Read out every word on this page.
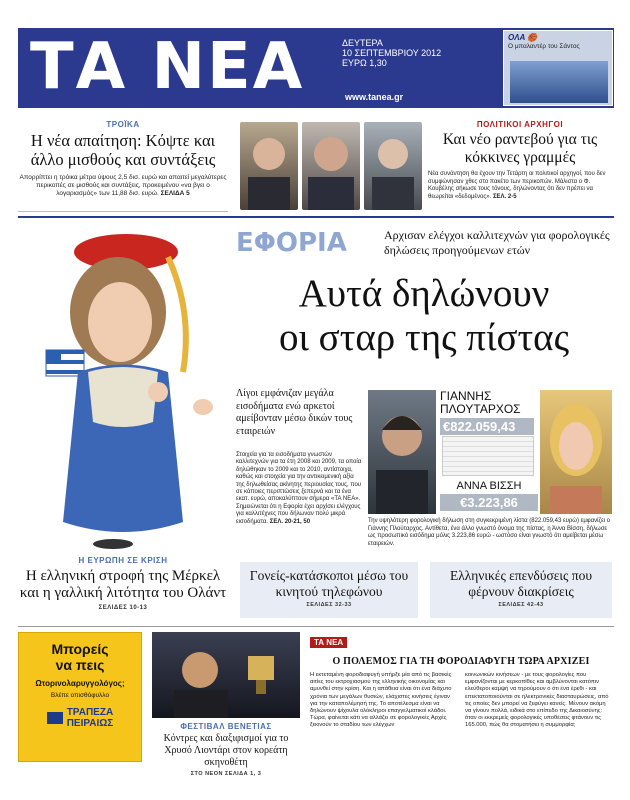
ΤΑ ΝΕΑ	ΔΕΥΤΕΡΑ
10 ΣΕΠΤΕΜΒΡΙΟΥ 2012
ΕΥΡΩ 1,30
www.tanea.gr
ΟΛΑ 🏀
Ο μπαλαντέρ του Σάντος
ΤΡΟΪΚΑ
Η νέα απαίτηση: Κόψτε και άλλο μισθούς και συντάξεις
Απορρίπτει η τρόικα μέτρα ύψους 2,5 δισ. ευρώ και απαιτεί μεγαλύτερες περικοπές σε μισθούς και συντάξεις, προκειμένου «να βγει ο λογαριασμός» των 11,88 δισ. ευρώ. ΣΕΛΙΔΑ 5
ΠΟΛΙΤΙΚΟΙ ΑΡΧΗΓΟΙ
Και νέο ραντεβού για τις κόκκινες γραμμές
Νέα συνάντηση θα έχουν την Τετάρτη οι πολιτικοί αρχηγοί, που δεν συμφώνησαν χθες στο πακέτο των περικοπών. Μάλιστα ο Φ. Κουβέλης σήκωσε τους τόνους, δηλώνοντας ότι δεν πρέπει να θεωρείται «δεδομένος». ΣΕΛ. 2-5
Η ΕΥΡΩΠΗ ΣΕ ΚΡΙΣΗ
Η ελληνική στροφή της Μέρκελ και η γαλλική λιτότητα του Ολάντ
ΣΕΛΙΔΕΣ 10-13
ΕΦΟΡΙΑ	Αρχισαν ελέγχοι καλλιτεχνών για φορολογικές δηλώσεις προηγούμενων ετών
Αυτά δηλώνουν
οι σταρ της πίστας
Λίγοι εμφάνιζαν μεγάλα εισοδήματα ενώ αρκετοί αμείβονταν μέσω δικών τους εταιρειών
Στοιχεία για τα εισοδήματα γνωστών καλλιτεχνών για τα έτη 2008 και 2009, τα οποία δηλώθηκαν το 2009 και το 2010, αντίστοιχα, καθώς και στοιχεία για την αντικειμενική αξία της δηλωθείσας ακίνητης περιουσίας τους, που σε κάποιες περιπτώσεις ξεπερνά και τα ένα εκατ. ευρώ, αποκαλύπτουν σήμερα «ΤΑ ΝΕΑ». Σημειώνεται ότι η Εφορία έχει αρχίσει ελέγχους για καλλιτέχνες που δήλωναν πολύ μικρά εισοδήματα. ΣΕΛ. 20-21, 50
ΓΙΑΝΝΗΣ
ΠΛΟΥΤΑΡΧΟΣ
€822.059,43
ΑΝΝΑ ΒΙΣΣΗ
€3.223,86
Την υψηλότερη φορολογική δήλωση στη συγκεκριμένη λίστα (822.059,43 ευρώ) εμφανίζει ο Γιάννης Πλούταρχος. Αντίθετα, ένα άλλο γνωστό όνομα της πίστας, η Άννα Βίσση, δήλωσε ως προσωπικό εισόδημα μόλις 3.223,86 ευρώ - ωστόσο είναι γνωστό ότι αμείβεται μέσω εταιρειών.
Γονείς-κατάσκοποι μέσω του κινητού τηλεφώνου
ΣΕΛΙΔΕΣ 32-33
Ελληνικές επενδύσεις που φέρνουν διακρίσεις
ΣΕΛΙΔΕΣ 42-43
Μπορείς
να πεις
Ωτορινολαρυγγολόγος;
Βλέπε οπισθόφυλλο
ΤΡΑΠΕΖΑ
ΠΕΙΡΑΙΩΣ	ΦΕΣΤΙΒΑΛ ΒΕΝΕΤΙΑΣ
Κόντρες και διαξιφισμοί για το Χρυσό Λιοντάρι στον κορεάτη σκηνοθέτη
ΣΤΟ ΝΕΟΝ ΣΕΛΙΔΑ 1, 3
ΤΑ ΝΕΑ
Ο ΠΟΛΕΜΟΣ ΓΙΑ ΤΗ ΦΟΡΟΔΙΑΦΥΓΗ ΤΩΡΑ ΑΡΧΙΖΕΙ
Η εκτεταμένη φοροδιαφυγή υπήρξε μία από τις βασικές αιτίες του εκτροχιασμού της ελληνικής οικονομίας και αμυνθεί στην κρίση. Και η απάθεια είναι ότι ένα διάχυτο χρόνια των μεγάλων θυσιών, ελάχιστες κινήσεις έγιναν για την καταπολέμησή της. Το αποτέλεσμα είναι να δηλώνουν ψίχουλα ολόκληροι επαγγελματικοί κλάδοι. Τώρα, φαίνεται κάτι να αλλάζει σε φορολογικές Αρχές ξεκινούν το σταδίου των ελέγχων
κοινωνικών κινήσεων - με τους φορολογίες που εμφανίζονται με κερκοπίθες και αμβλύνονται κατόπιν ελεύθεροι καμψή να τηρούμουν ο ότι ένα έρεθι - και επεκτατοποιούνται σε ηλεκτρονικές διασταυρώσεις, από τις οποίες δεν μπορεί να ξεφύγει κανείς. Μένουν ακόμη να γίνουν πολλά, ειδικά στο επίπεδο της Δικαιοσύνης: όταν οι εκκρεμείς φορολογικές υποθέσεις φτάνουν τις 165.000, πώς θα στοματήσει η συμμορφία;
